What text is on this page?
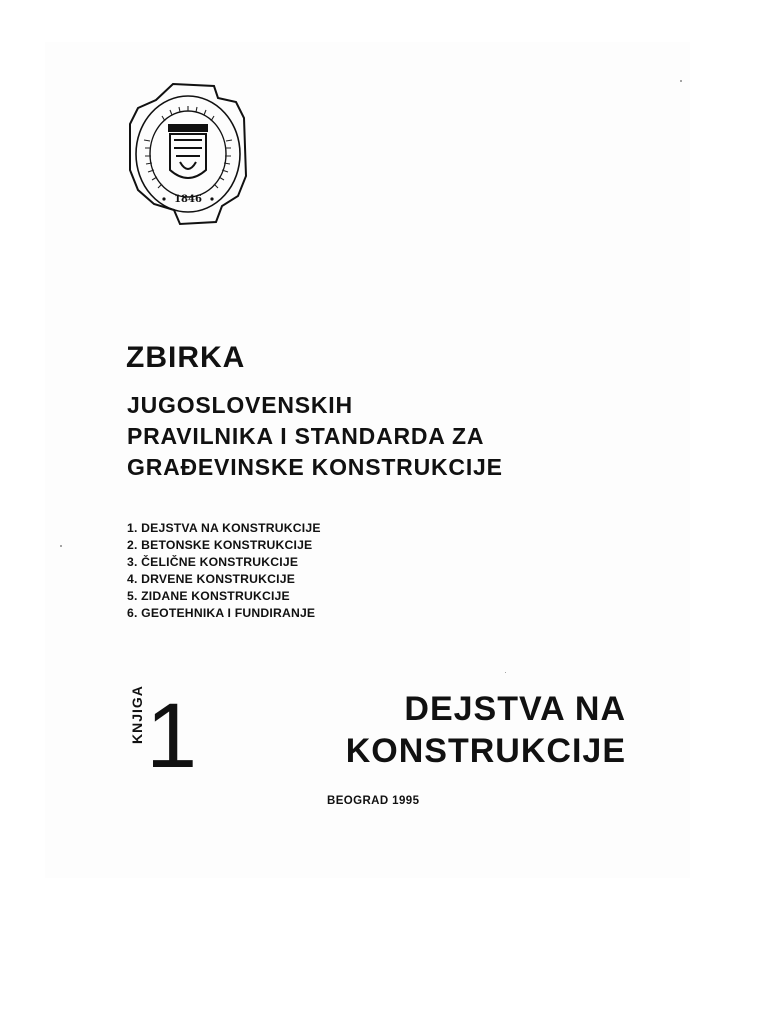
1846
ZBIRKA
JUGOSLOVENSKIH
PRAVILNIKA I STANDARDA ZA
GRAĐEVINSKE KONSTRUKCIJE
1. DEJSTVA NA KONSTRUKCIJE
2. BETONSKE KONSTRUKCIJE
3. ČELIČNE KONSTRUKCIJE
4. DRVENE KONSTRUKCIJE
5. ZIDANE KONSTRUKCIJE
6. GEOTEHNIKA I FUNDIRANJE
KNJIGA 1	DEJSTVA NA
KONSTRUKCIJE
BEOGRAD 1995
